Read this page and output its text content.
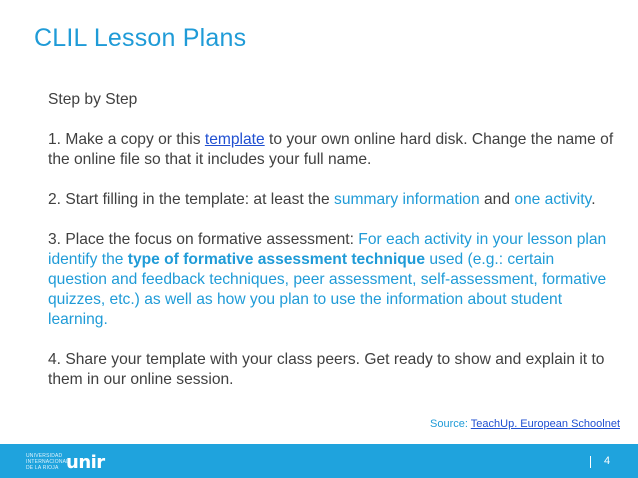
CLIL Lesson Plans

Step by Step

1. Make a copy or this template to your own online hard disk. Change the name of the online file so that it includes your full name.

2. Start filling in the template: at least the summary information and one activity.

3. Place the focus on formative assessment: For each activity in your lesson plan identify the type of formative assessment technique used (e.g.: certain question and feedback techniques, peer assessment, self-assessment, formative quizzes, etc.) as well as how you plan to use the information about student learning.

4. Share your template with your class peers. Get ready to show and explain it to them in our online session.

Source: TeachUp. European Schoolnet
UNIVERSIDAD INTERNACIONAL DE LA RIOJA unir	4
